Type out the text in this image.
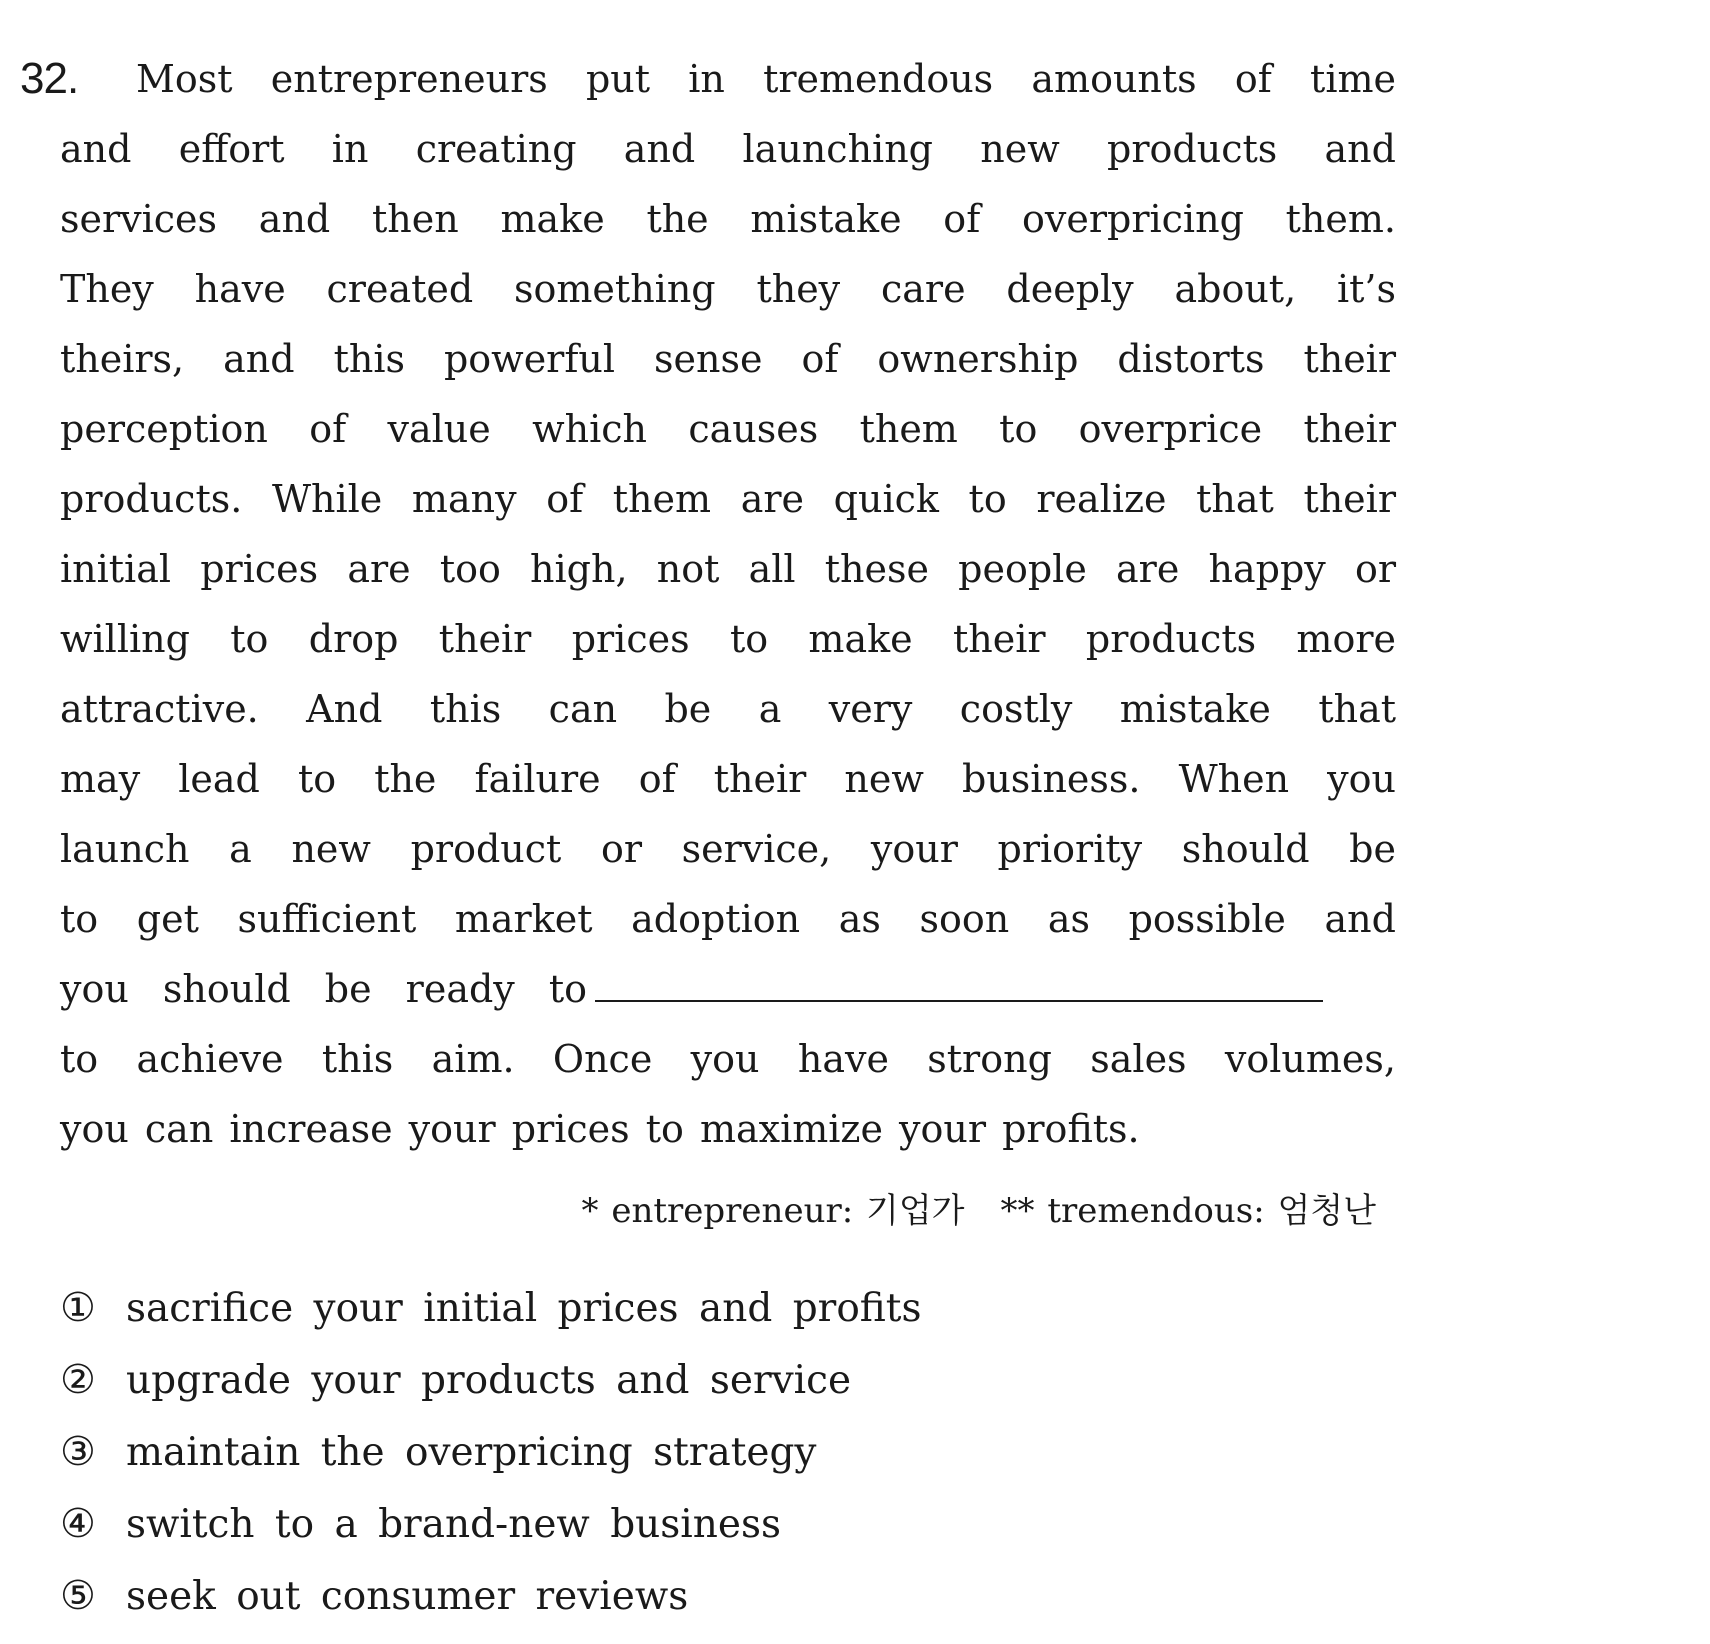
32.	Most entrepreneurs put in tremendous amounts of time
and effort in creating and launching new products and
services and then make the mistake of overpricing them.
They have created something they care deeply about, it’s
theirs, and this powerful sense of ownership distorts their
perception of value which causes them to overprice their
products. While many of them are quick to realize that their
initial prices are too high, not all these people are happy or
willing to drop their prices to make their products more
attractive. And this can be a very costly mistake that
may lead to the failure of their new business. When you
launch a new product or service, your priority should be
to get sufficient market adoption as soon as possible and
you should be ready to
to achieve this aim. Once you have strong sales volumes,
you can increase your prices to maximize your profits.
* entrepreneur: 기업가 ** tremendous: 엄청난
① sacrifice your initial prices and profits
② upgrade your products and service
③ maintain the overpricing strategy
④ switch to a brand-new business
⑤ seek out consumer reviews
